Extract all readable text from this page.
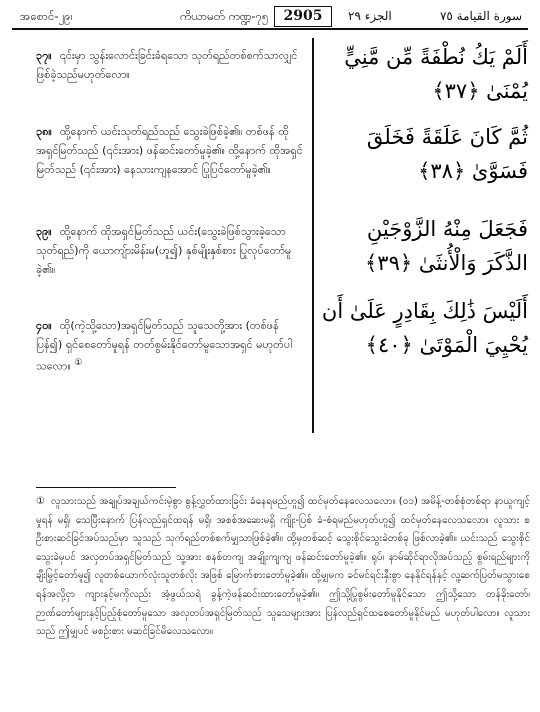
အစောင်-၂၉၊	ကိယာမတ် ကဏ္ဍ-၇၅	2905	الجزء ٢٩	سورة القيامة ٧٥
၃၇။ ၎င်းမှာ သွန်းလောင်းခြင်းခံရသော သုတ်ရည်တစ်စက်သာလျှင် ဖြစ်ခဲ့သည်မဟုတ်လော။
أَلَمْ يَكُ نُطْفَةً مِّن مَّنِيٍّ يُمْنَىٰ ﴿٣٧﴾
၃၈။ ထို့နောက် ယင်းသုတ်ရည်သည် သွေးခဲဖြစ်ခဲ့၏။ တစ်ဖန် ထိုအရှင်မြတ်သည် (၎င်းအား) ဖန်ဆင်းတော်မူခဲ့၏။ ထို့နောက် ထိုအရှင်မြတ်သည် (၎င်းအား) နေသားကျနအောင် ပြုပြင်တော်မူခဲ့၏။
ثُمَّ كَانَ عَلَقَةً فَخَلَقَ فَسَوَّىٰ ﴿٣٨﴾
၃၉။ ထို့နောက် ထိုအရှင်မြတ်သည် ယင်း(သွေးခဲဖြစ်သွားခဲ့သောသုတ်ရည်)ကို ယောကျ်ားမိန်းမ(ဟူ၍) နှစ်မျိုးနှစ်စား ပြုလုပ်တော်မူခဲ့၏။
فَجَعَلَ مِنْهُ الزَّوْجَيْنِ الذَّكَرَ وَالْأُنثَىٰ ﴿٣٩﴾
၄၀။ ထို(ကဲ့သို့သော)အရှင်မြတ်သည် သူသေတို့အား (တစ်ဖန်ပြန်၍) ရှင်စေတော်မူရန် တတ်စွမ်းနိုင်တော်မူသောအရှင် မဟုတ်ပါသလော။ ①
أَلَيْسَ ذَٰلِكَ بِقَادِرٍ عَلَىٰ أَن يُحْيِيَ الْمَوْتَىٰ ﴿٤٠﴾
① လူသားသည် အချုပ်အချယ်ကင်းမဲ့စွာ စွန့်လွှတ်ထားခြင်း ခံနေရမည်ဟူ၍ ထင်မှတ်နေလေသလော။ (၀၁) အမိန့်-တစ်စုံတစ်ရာ နာယူကျင့်မှုရန် မရှိ၊ သေပြီးနောက် ပြန်လည်ရှင်ထရန် မရှိ၊ အစစ်အဆေးမရှိ ကျိုး-ပြစ် ခံ-စံရမည်မဟုတ်ဟူ၍ ထင်မှတ်နေလေသလော။ လူသား စဦးစားဆင်ခြင်အပ်သည်မှာ သူသည် သုက်ရည်တစ်စက်မျှသာဖြစ်ခဲ့၏။ ထို့မှတစ်ဆင့် သွေးစိုင်သွေးခဲတစ်ခု ဖြစ်လာခဲ့၏။ ယင်းသည် သွေးစိုင်သွေးခဲမှပင် အလှတပ်အရှင်မြတ်သည် သူ့အား စနစ်တကျ အချိုးကျကျ ဖန်ဆင်းတော်မူခဲ့၏။ ရုပ်၊ နာမ်ဆိုင်ရာလိုအပ်သည့် စွမ်းရည်များကို ချီးမြှင့်တော်မူ၍ လူတစ်ယောက်လုံးသူတစ်လိုး အဖြစ် မြောက်စားတော်မူခဲ့၏။ ထို့မျှမက ခင်မင်ရင်းနှီးစွာ နေနိုင်ရန်နှင့် လူ့ဆက်ပြတ်မသွားစေရန်အလို့ငှာ ကျားနှင့်မကိုလည်း အံ့ဖွယ်သရဲ ခွန့်ကဲ့ဖန်ဆင်းထားတော်မူခဲ့၏။ ဤသို့ပြုစွမ်းတော်မူနိုင်သော ဤသို့သော တန်ခိုးတော်၊ ဉာဏ်တော်များနှင့်ပြည့်စုံတော်မူသော အလှတပ်အရှင်မြတ်သည် သူသေများအား ပြန်လည်ရှင်ထစေတော်မူနိုင်မည် မဟုတ်ပါလော။ လူသားသည် ဤမျှပင် မစဉ်းစား မဆင်ခြင်မိလေသလော။
